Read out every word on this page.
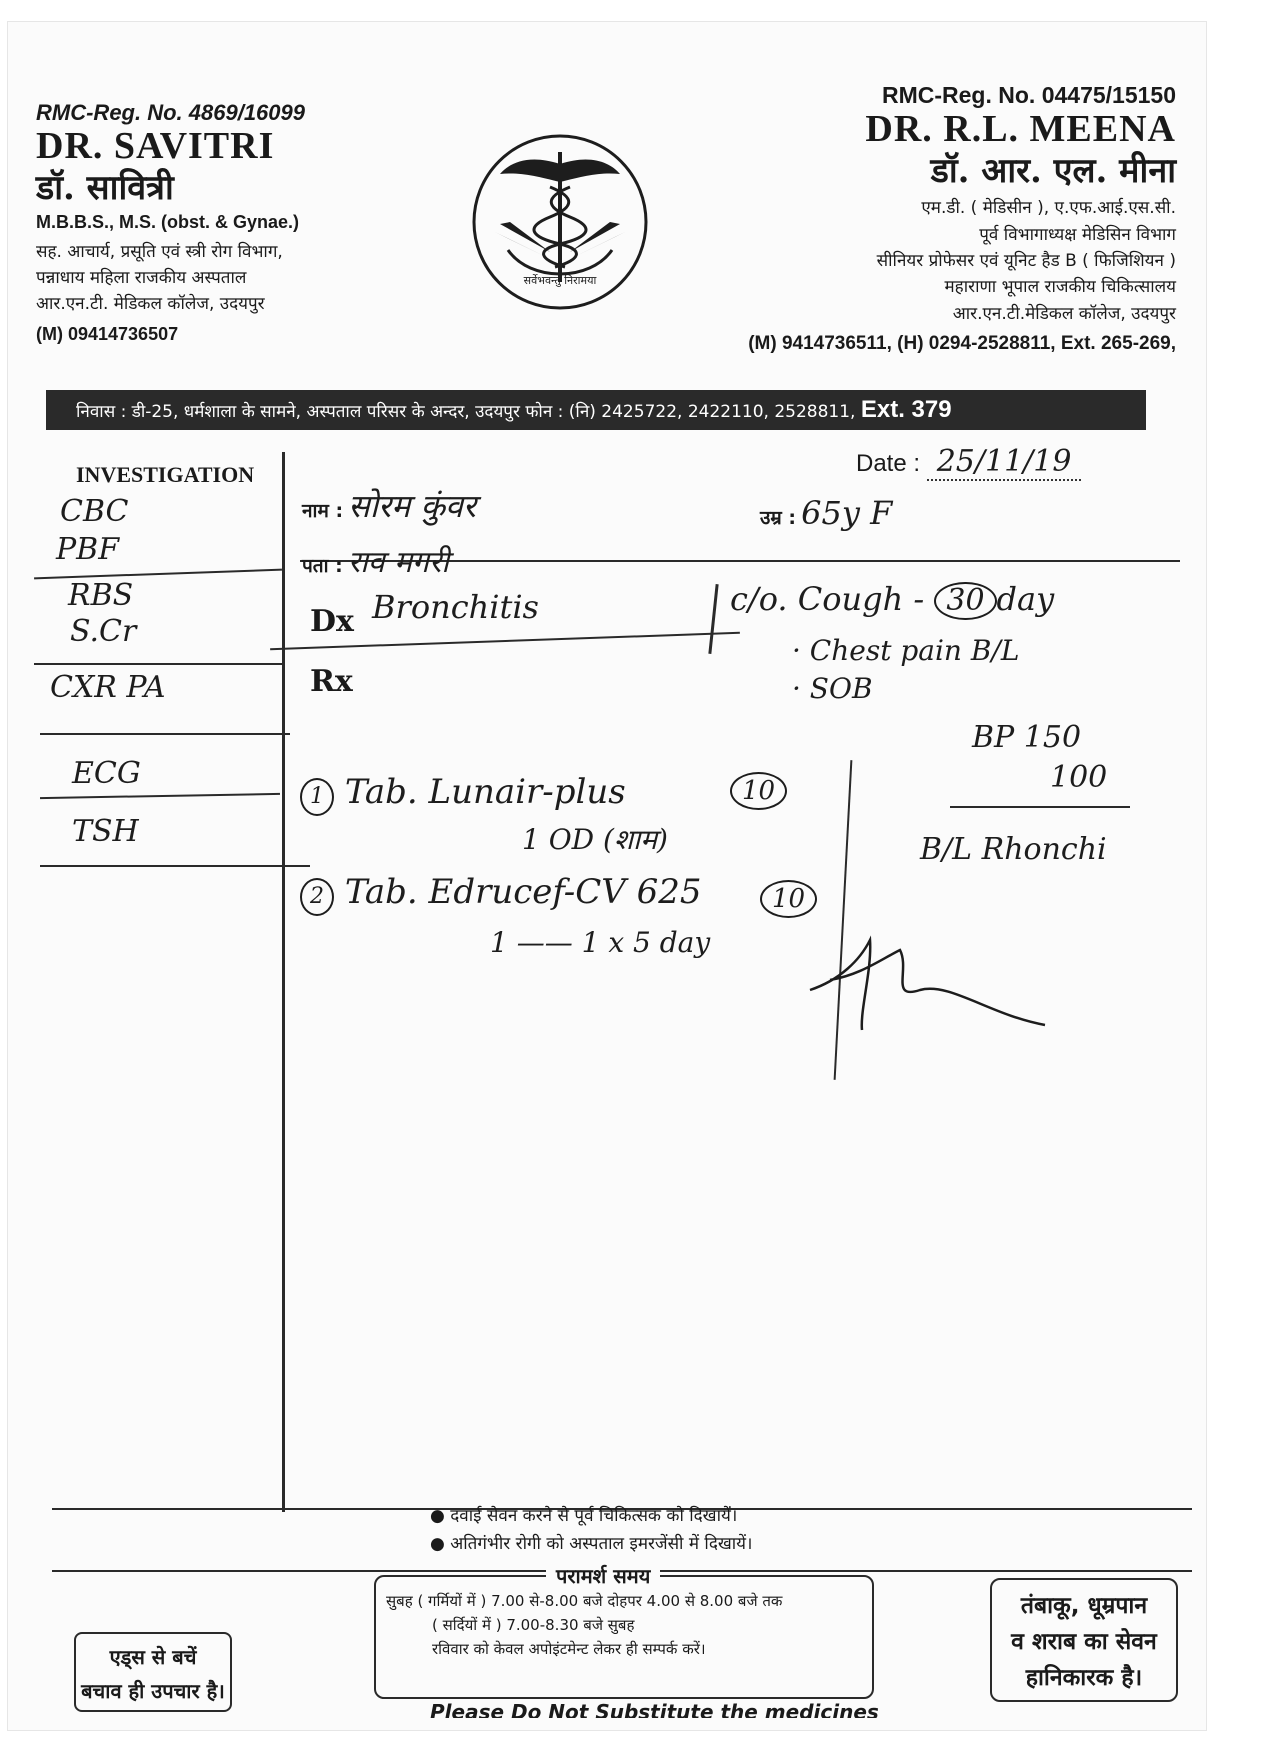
RMC-Reg. No. 4869/16099
DR. SAVITRI
डॉ. सावित्री
M.B.B.S., M.S. (obst. & Gynae.)
सह. आचार्य, प्रसूति एवं स्त्री रोग विभाग,
पन्नाधाय महिला राजकीय अस्पताल
आर.एन.टी. मेडिकल कॉलेज, उदयपुर
(M) 09414736507
सर्वेभवन्तु निरामया
RMC-Reg. No. 04475/15150
DR. R.L. MEENA
डॉ. आर. एल. मीना
एम.डी. ( मेडिसीन ), ए.एफ.आई.एस.सी.
पूर्व विभागाध्यक्ष मेडिसिन विभाग
सीनियर प्रोफेसर एवं यूनिट हैड B ( फिजिशियन )
महाराणा भूपाल राजकीय चिकित्सालय
आर.एन.टी.मेडिकल कॉलेज, उदयपुर
(M) 9414736511, (H) 0294-2528811, Ext. 265-269,
निवास : डी-25, धर्मशाला के सामने, अस्पताल परिसर के अन्दर, उदयपुर फोन : (नि) 2425722, 2422110, 2528811, Ext. 379
Date : 25/11/19
INVESTIGATION
CBC
PBF
RBS
S.Cr
CXR PA
ECG
TSH
नाम : सोरम कुंवर	उम्र : 65y F
पता : राव मगरी
Dx Bronchitis	c/o. Cough - 30 day
· Chest pain B/L
· SOB
Rx
1 Tab. Lunair-plus	10
1 OD (शाम)
2 Tab. Edrucef-CV 625	10
1 —— 1 x 5 day
BP 150
100
B/L Rhonchi
● दवाई सेवन करने से पूर्व चिकित्सक को दिखायें।
● अतिगंभीर रोगी को अस्पताल इमरजेंसी में दिखायें।
सुबह ( गर्मियों में ) 7.00 से-8.00 बजे दोहपर 4.00 से 8.00 बजे तक
( सर्दियों में ) 7.00-8.30 बजे सुबह
रविवार को केवल अपोइंटमेन्ट लेकर ही सम्पर्क करें।
परामर्श समय
तंबाकू, धूम्रपान
व शराब का सेवन
हानिकारक है।
एड्स से बचें
बचाव ही उपचार है।
Please Do Not Substitute the medicines
